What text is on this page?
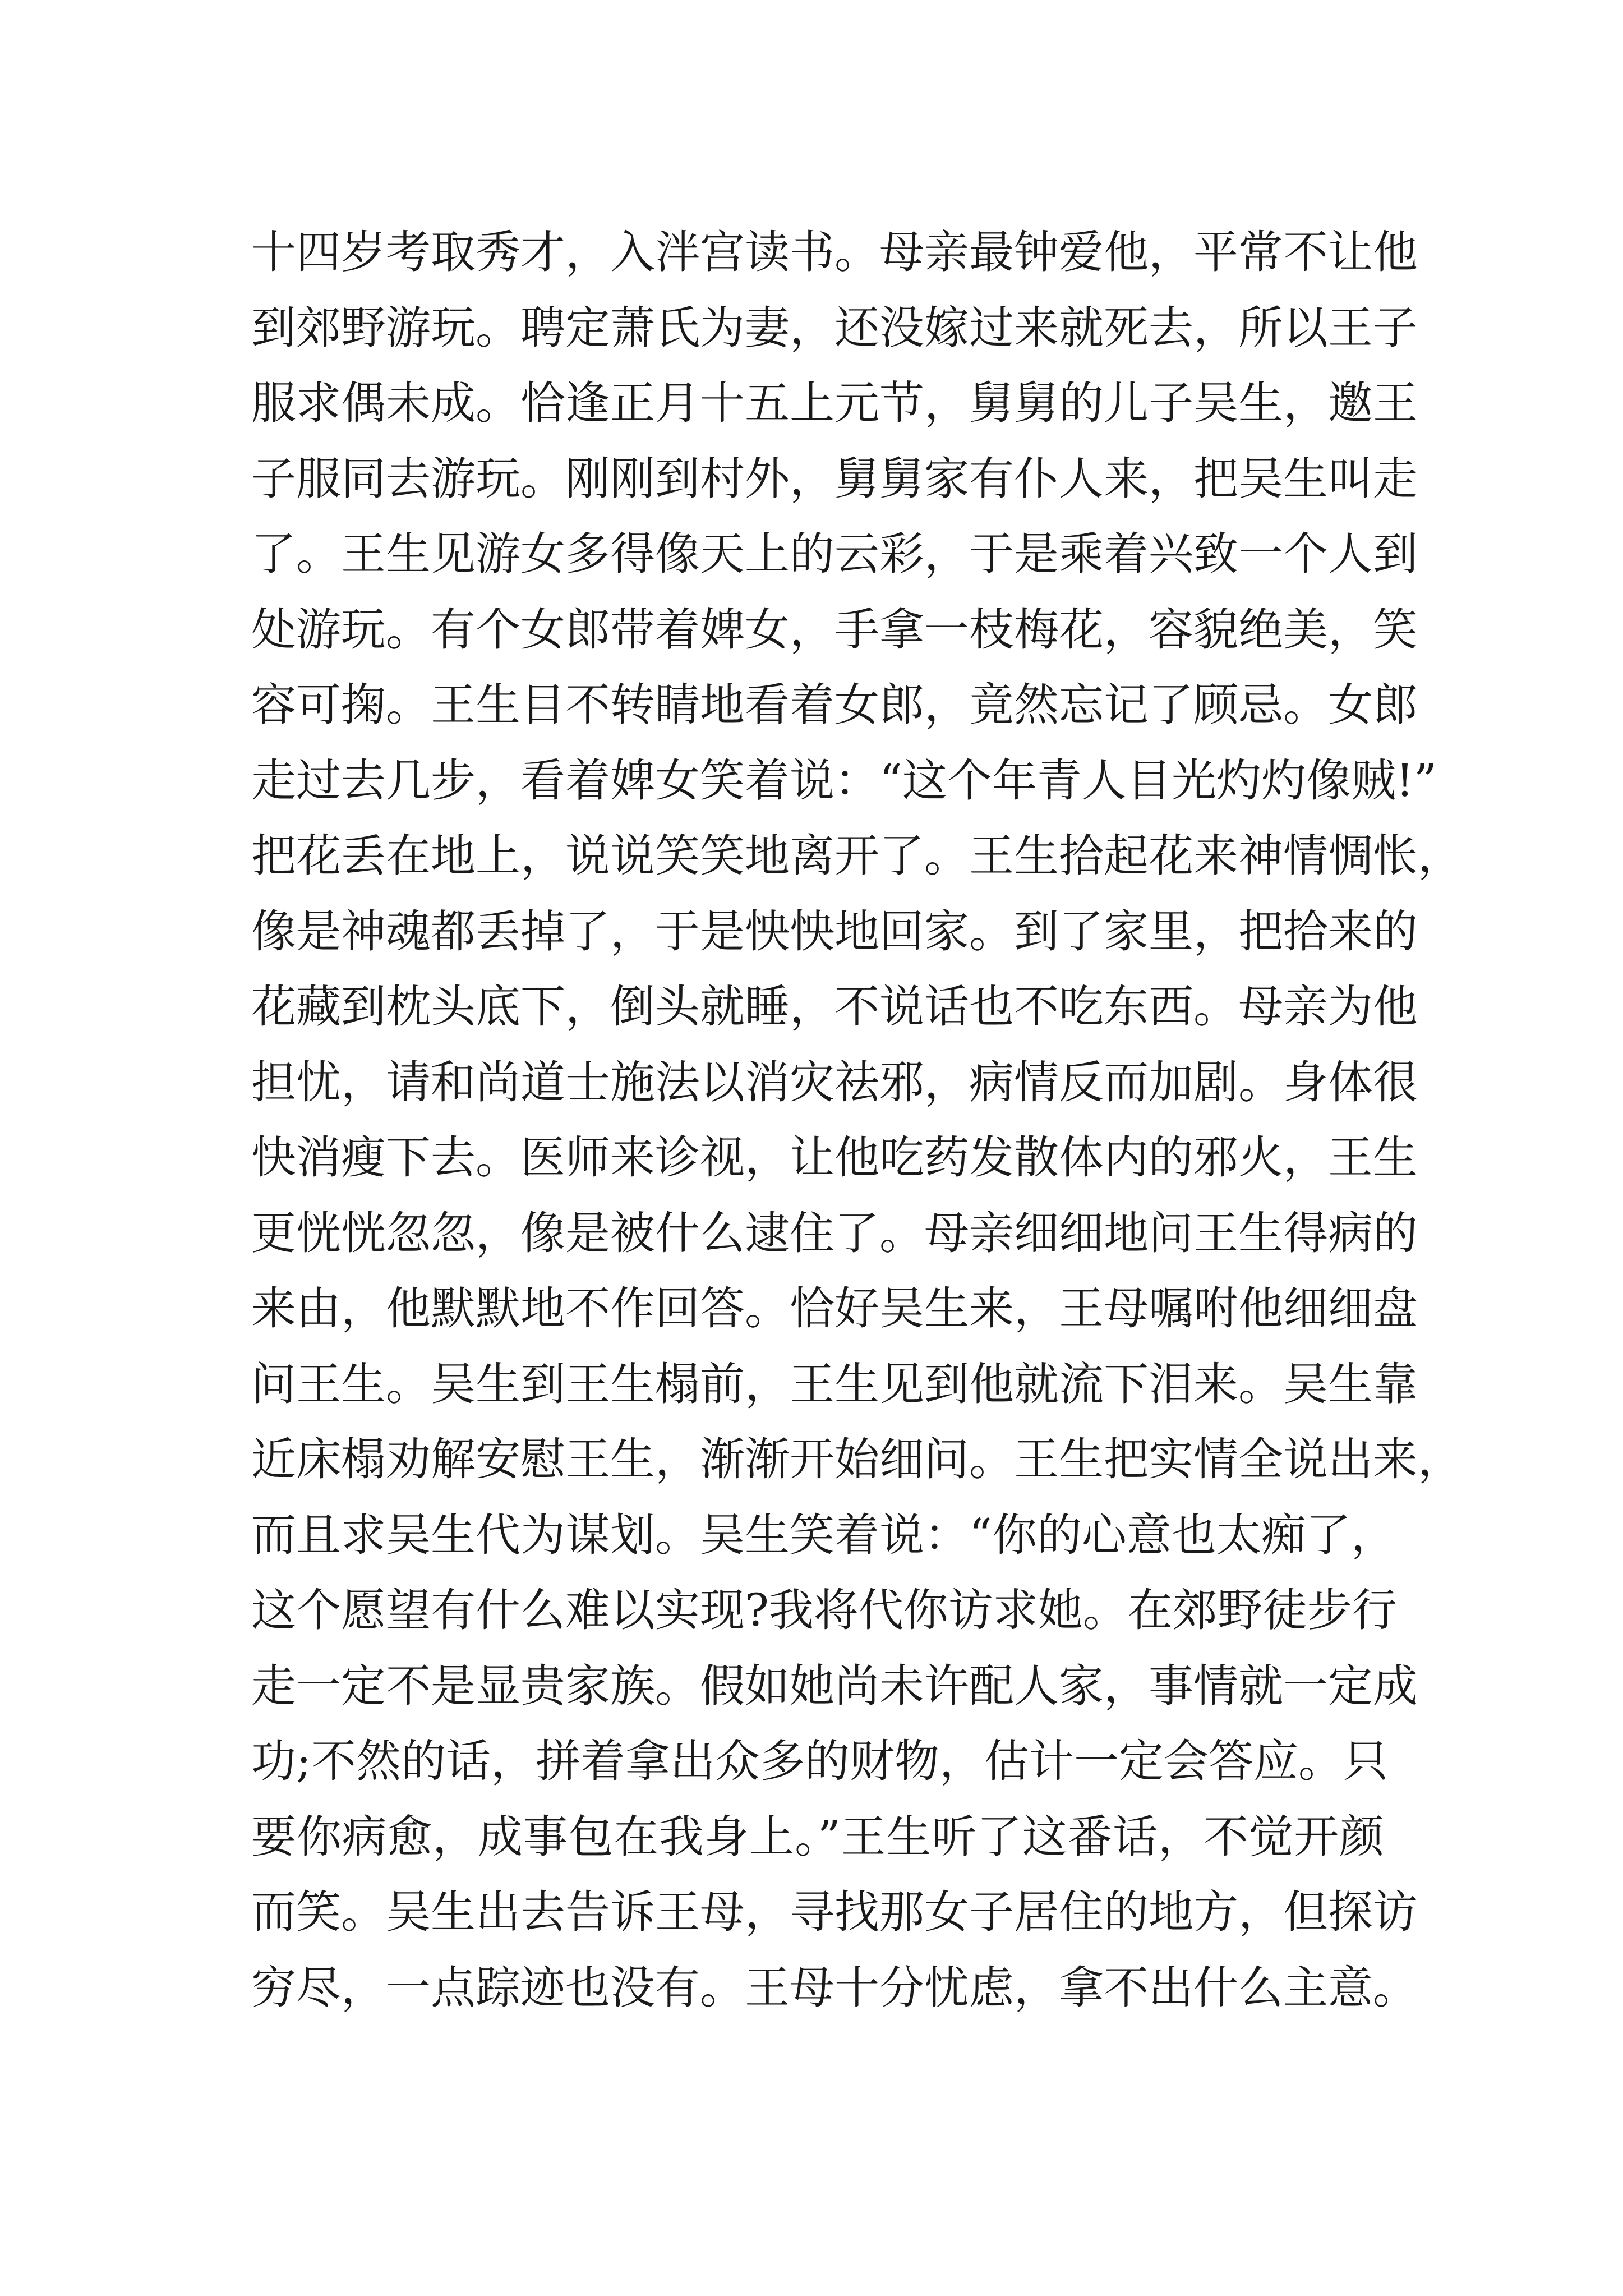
十四岁考取秀才，入泮宫读书。母亲最钟爱他，平常不让他
到郊野游玩。聘定萧氏为妻，还没嫁过来就死去，所以王子
服求偶未成。恰逢正月十五上元节，舅舅的儿子吴生，邀王
子服同去游玩。刚刚到村外，舅舅家有仆人来，把吴生叫走
了。王生见游女多得像天上的云彩，于是乘着兴致一个人到
处游玩。有个女郎带着婢女，手拿一枝梅花，容貌绝美，笑
容可掬。王生目不转睛地看着女郎，竟然忘记了顾忌。女郎
走过去几步，看着婢女笑着说：“这个年青人目光灼灼像贼!”
把花丢在地上，说说笑笑地离开了。王生拾起花来神情惆怅，
像是神魂都丢掉了，于是怏怏地回家。到了家里，把拾来的
花藏到枕头底下，倒头就睡，不说话也不吃东西。母亲为他
担忧，请和尚道士施法以消灾祛邪，病情反而加剧。身体很
快消瘦下去。医师来诊视，让他吃药发散体内的邪火，王生
更恍恍忽忽，像是被什么逮住了。母亲细细地问王生得病的
来由，他默默地不作回答。恰好吴生来，王母嘱咐他细细盘
问王生。吴生到王生榻前，王生见到他就流下泪来。吴生靠
近床榻劝解安慰王生，渐渐开始细问。王生把实情全说出来，
而且求吴生代为谋划。吴生笑着说：“你的心意也太痴了，
这个愿望有什么难以实现?我将代你访求她。在郊野徒步行
走一定不是显贵家族。假如她尚未许配人家，事情就一定成
功;不然的话，拼着拿出众多的财物，估计一定会答应。只
要你病愈，成事包在我身上。”王生听了这番话，不觉开颜
而笑。吴生出去告诉王母，寻找那女子居住的地方，但探访
穷尽，一点踪迹也没有。王母十分忧虑，拿不出什么主意。
